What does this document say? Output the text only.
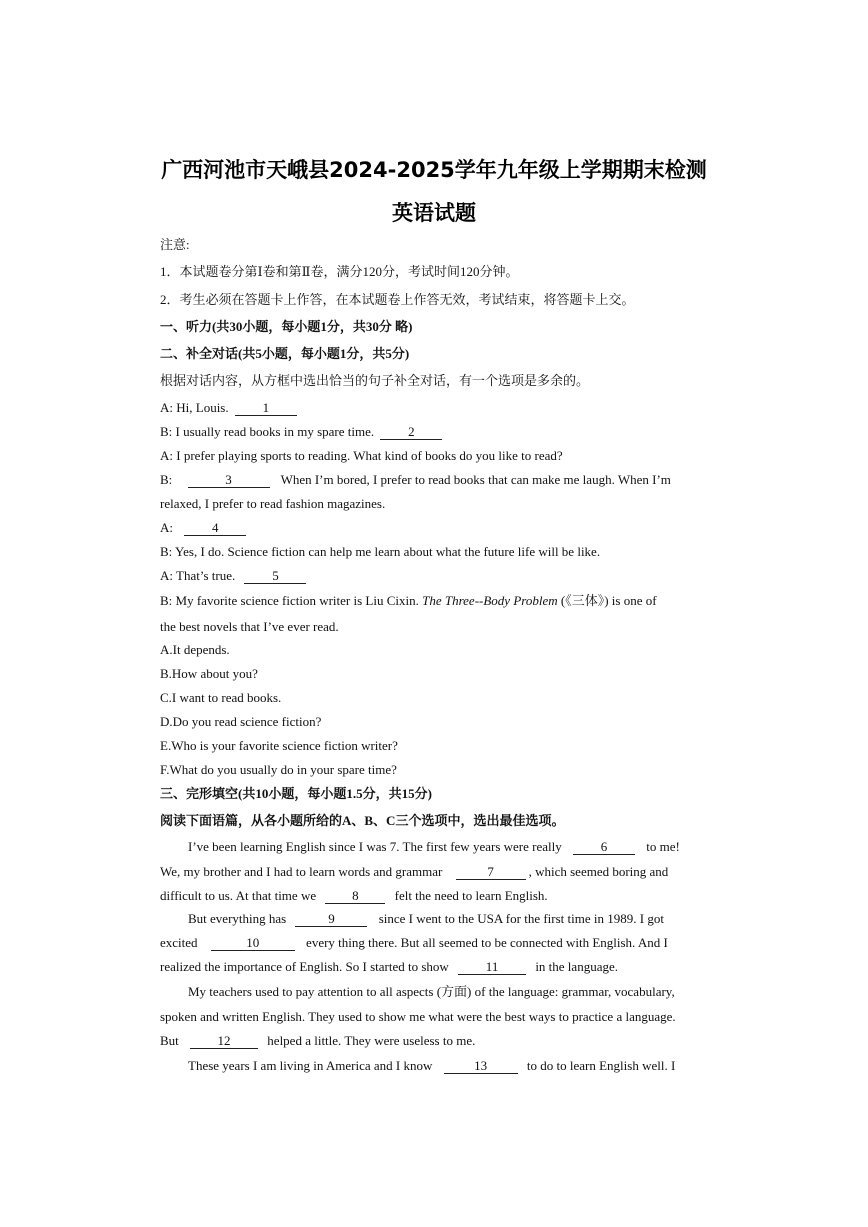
广西河池市天峨县2024-2025学年九年级上学期期末检测
英语试题
注意:
1．本试题卷分第Ⅰ卷和第Ⅱ卷，满分120分，考试时间120分钟。
2．考生必须在答题卡上作答，在本试题卷上作答无效，考试结束，将答题卡上交。
一、听力(共30小题，每小题1分，共30分 略)
二、补全对话(共5小题，每小题1分，共5分)
根据对话内容，从方框中选出恰当的句子补全对话，有一个选项是多余的。
A: Hi, Louis.	1
B: I usually read books in my spare time.	2
A: I prefer playing sports to reading. What kind of books do you like to read?
B:	3	When I’m bored, I prefer to read books that can make me laugh. When I’m
relaxed, I prefer to read fashion magazines.
A:	4
B: Yes, I do. Science fiction can help me learn about what the future life will be like.
A: That’s true.	5
B: My favorite science fiction writer is Liu Cixin. The Three--Body Problem (《三体》) is one of
the best novels that I’ve ever read.
A.It depends.
B.How about you?
C.I want to read books.
D.Do you read science fiction?
E.Who is your favorite science fiction writer?
F.What do you usually do in your spare time?
三、完形填空(共10小题，每小题1.5分，共15分)
阅读下面语篇，从各小题所给的A、B、C三个选项中，选出最佳选项。
I’ve been learning English since I was 7. The first few years were really	6	to me!
We, my brother and I had to learn words and grammar	7	, which seemed boring and
difficult to us. At that time we	8	felt the need to learn English.
But everything has	9	since I went to the USA for the first time in 1989. I got
excited	10	every thing there. But all seemed to be connected with English. And I
realized the importance of English. So I started to show	11	in the language.
My teachers used to pay attention to all aspects (方面) of the language: grammar, vocabulary,
spoken and written English. They used to show me what were the best ways to practice a language.
But	12	helped a little. They were useless to me.
These years I am living in America and I know	13	to do to learn English well. I
